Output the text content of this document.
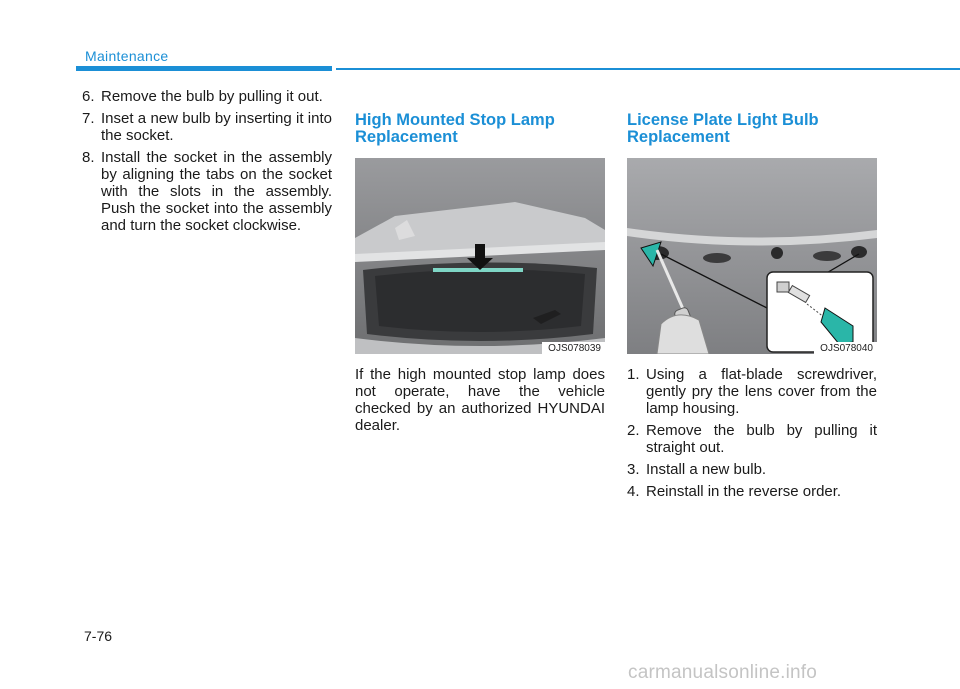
Maintenance
6. Remove the bulb by pulling it out.
7. Inset a new bulb by inserting it into the socket.
8. Install the socket in the assembly by aligning the tabs on the socket with the slots in the assembly. Push the socket into the assembly and turn the socket clockwise.
High Mounted Stop Lamp Replacement
OJS078039

If the high mounted stop lamp does not operate, have the vehicle checked by an authorized HYUNDAI dealer.

License Plate Light Bulb Replacement
OJS078040
1. Using a flat-blade screwdriver, gently pry the lens cover from the lamp housing.
2. Remove the bulb by pulling it straight out.
3. Install a new bulb.
4. Reinstall in the reverse order.
7-76
carmanualsonline.info
